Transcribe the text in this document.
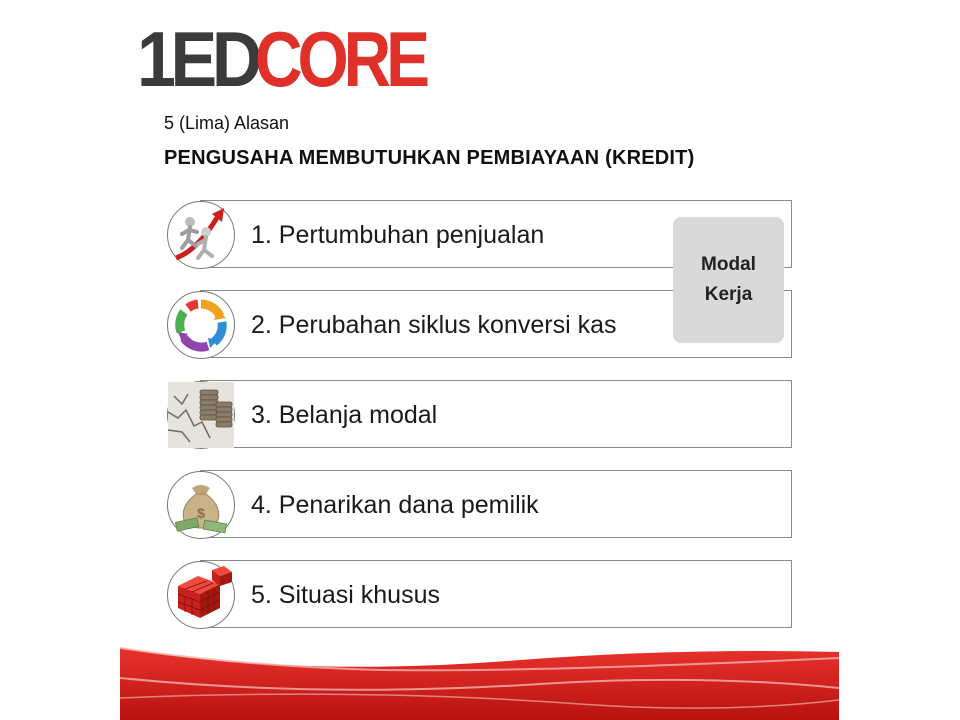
1ED
CORE
5 (Lima) Alasan
PENGUSAHA MEMBUTUHKAN PEMBIAYAAN (KREDIT)
1. Pertumbuhan penjualan
2. Perubahan siklus konversi kas
3. Belanja modal
4. Penarikan dana pemilik
$
5. Situasi khusus
Modal
Kerja
